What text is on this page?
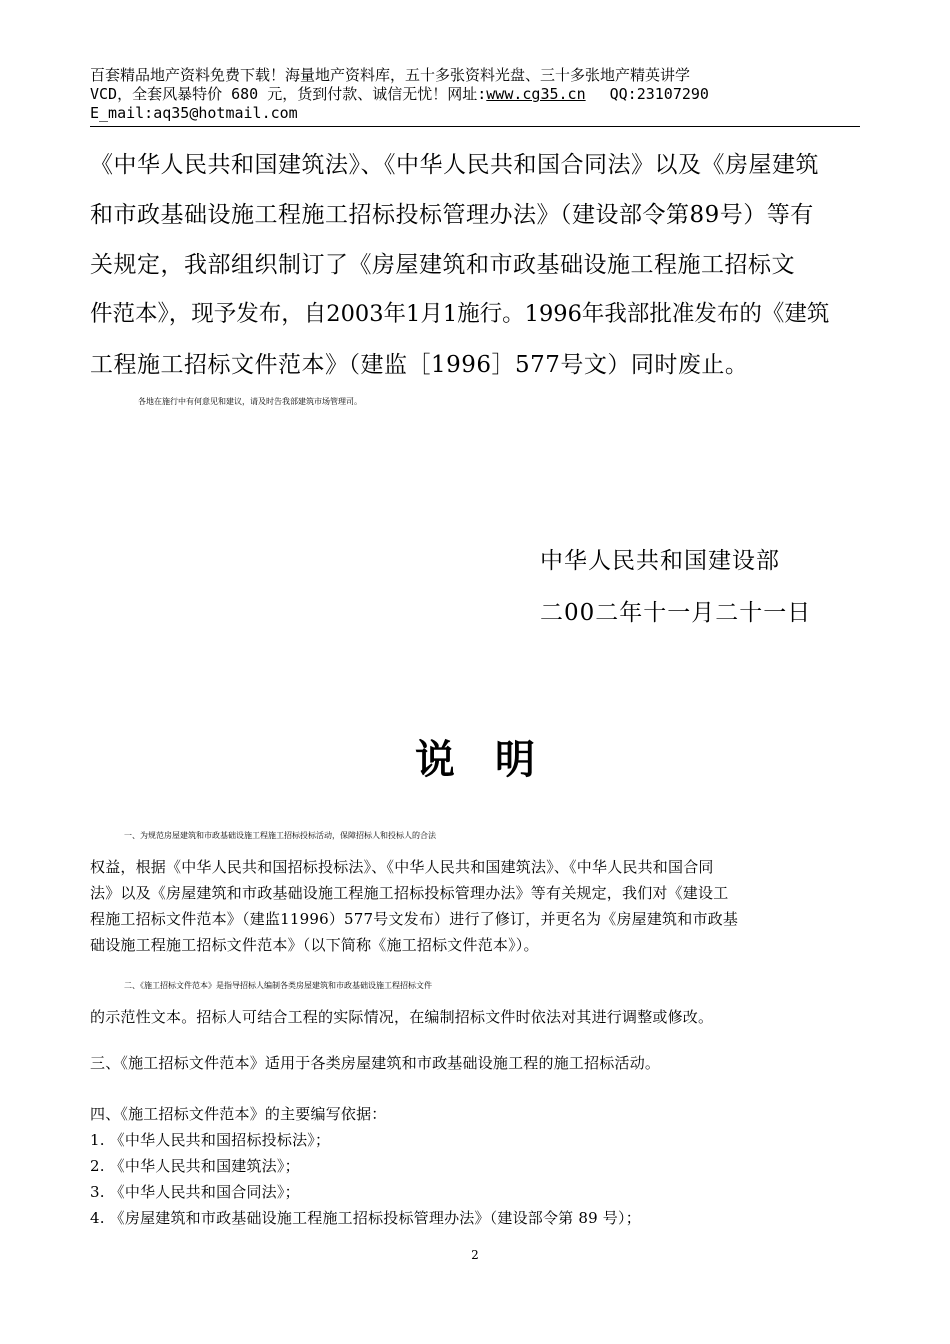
百套精品地产资料免费下载！海量地产资料库，五十多张资料光盘、三十多张地产精英讲学
VCD，全套风暴特价 680 元，货到付款、诚信无忧！网址:www.cg35.cn QQ:23107290
E_mail:aq35@hotmail.com
《中华人民共和国建筑法》、《中华人民共和国合同法》以及《房屋建筑
和市政基础设施工程施工招标投标管理办法》（建设部令第89号）等有
关规定，我部组织制订了《房屋建筑和市政基础设施工程施工招标文
件范本》，现予发布，自2003年1月1施行。1996年我部批准发布的《建筑
工程施工招标文件范本》（建监［1996］577号文）同时废止。
各地在施行中有何意见和建议，请及时告我部建筑市场管理司。
中华人民共和国建设部
二00二年十一月二十一日
说明
一、为规范房屋建筑和市政基础设施工程施工招标投标活动，保障招标人和投标人的合法
权益，根据《中华人民共和国招标投标法》、《中华人民共和国建筑法》、《中华人民共和国合同
法》以及《房屋建筑和市政基础设施工程施工招标投标管理办法》等有关规定，我们对《建设工
程施工招标文件范本》（建监11996）577号文发布）进行了修订，并更名为《房屋建筑和市政基
础设施工程施工招标文件范本》（以下简称《施工招标文件范本》）。
二、《施工招标文件范本》是指导招标人编制各类房屋建筑和市政基础设施工程招标文件
的示范性文本。招标人可结合工程的实际情况，在编制招标文件时依法对其进行调整或修改。
三、《施工招标文件范本》适用于各类房屋建筑和市政基础设施工程的施工招标活动。
四、《施工招标文件范本》的主要编写依据：
1. 《中华人民共和国招标投标法》；
2. 《中华人民共和国建筑法》；
3. 《中华人民共和国合同法》；
4. 《房屋建筑和市政基础设施工程施工招标投标管理办法》（建设部令第 89 号）；
2
